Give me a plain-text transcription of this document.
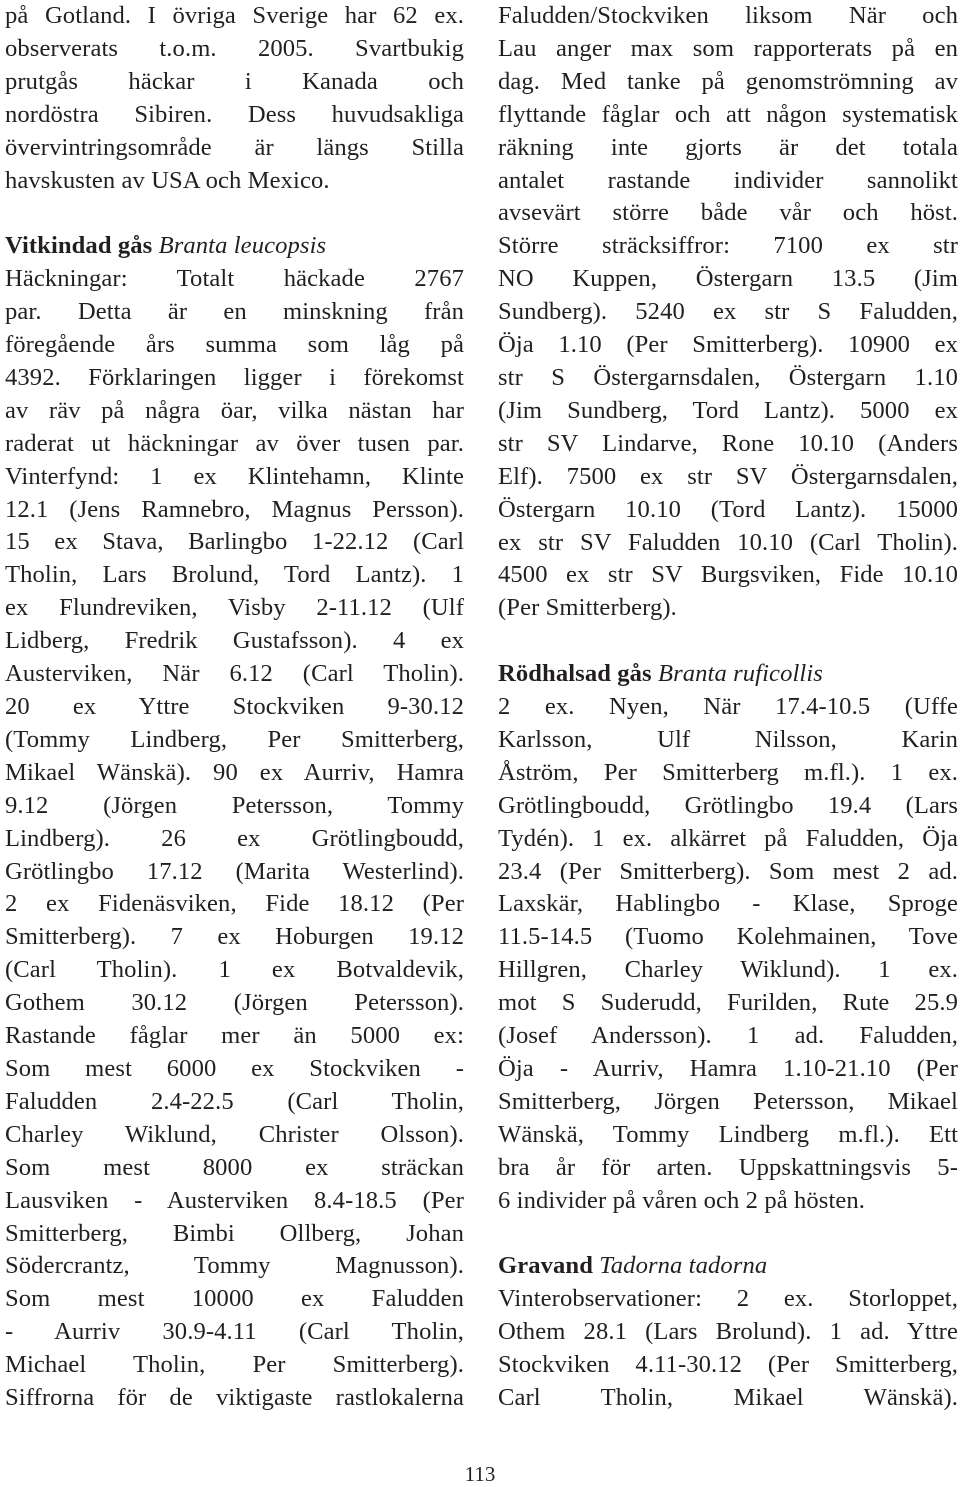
på Gotland. I övriga Sverige har 62 ex.
observerats t.o.m. 2005. Svartbukig
prutgås häckar i Kanada och
nordöstra Sibiren. Dess huvudsakliga
övervintringsområde är längs Stilla
havskusten av USA och Mexico.
Vitkindad gås Branta leucopsis
Häckningar: Totalt häckade 2767
par. Detta är en minskning från
föregående års summa som låg på
4392. Förklaringen ligger i förekomst
av räv på några öar, vilka nästan har
raderat ut häckningar av över tusen par.
Vinterfynd: 1 ex Klintehamn, Klinte
12.1 (Jens Ramnebro, Magnus Persson).
15 ex Stava, Barlingbo 1-22.12 (Carl
Tholin, Lars Brolund, Tord Lantz). 1
ex Flundreviken, Visby 2-11.12 (Ulf
Lidberg, Fredrik Gustafsson). 4 ex
Austerviken, När 6.12 (Carl Tholin).
20 ex Yttre Stockviken 9-30.12
(Tommy Lindberg, Per Smitterberg,
Mikael Wänskä). 90 ex Aurriv, Hamra
9.12 (Jörgen Petersson, Tommy
Lindberg). 26 ex Grötlingboudd,
Grötlingbo 17.12 (Marita Westerlind).
2 ex Fidenäsviken, Fide 18.12 (Per
Smitterberg). 7 ex Hoburgen 19.12
(Carl Tholin). 1 ex Botvaldevik,
Gothem 30.12 (Jörgen Petersson).
Rastande fåglar mer än 5000 ex:
Som mest 6000 ex Stockviken -
Faludden 2.4-22.5 (Carl Tholin,
Charley Wiklund, Christer Olsson).
Som mest 8000 ex sträckan
Lausviken - Austerviken 8.4-18.5 (Per
Smitterberg, Bimbi Ollberg, Johan
Södercrantz, Tommy Magnusson).
Som mest 10000 ex Faludden
- Aurriv 30.9-4.11 (Carl Tholin,
Michael Tholin, Per Smitterberg).
Siffrorna för de viktigaste rastlokalerna
Faludden/Stockviken liksom När och
Lau anger max som rapporterats på en
dag. Med tanke på genomströmning av
flyttande fåglar och att någon systematisk
räkning inte gjorts är det totala
antalet rastande individer sannolikt
avsevärt större både vår och höst.
Större sträcksiffror: 7100 ex str
NO Kuppen, Östergarn 13.5 (Jim
Sundberg). 5240 ex str S Faludden,
Öja 1.10 (Per Smitterberg). 10900 ex
str S Östergarnsdalen, Östergarn 1.10
(Jim Sundberg, Tord Lantz). 5000 ex
str SV Lindarve, Rone 10.10 (Anders
Elf). 7500 ex str SV Östergarnsdalen,
Östergarn 10.10 (Tord Lantz). 15000
ex str SV Faludden 10.10 (Carl Tholin).
4500 ex str SV Burgsviken, Fide 10.10
(Per Smitterberg).
Rödhalsad gås Branta ruficollis
2 ex. Nyen, När 17.4-10.5 (Uffe
Karlsson, Ulf Nilsson, Karin
Åström, Per Smitterberg m.fl.). 1 ex.
Grötlingboudd, Grötlingbo 19.4 (Lars
Tydén). 1 ex. alkärret på Faludden, Öja
23.4 (Per Smitterberg). Som mest 2 ad.
Laxskär, Hablingbo - Klase, Sproge
11.5-14.5 (Tuomo Kolehmainen, Tove
Hillgren, Charley Wiklund). 1 ex.
mot S Suderudd, Furilden, Rute 25.9
(Josef Andersson). 1 ad. Faludden,
Öja - Aurriv, Hamra 1.10-21.10 (Per
Smitterberg, Jörgen Petersson, Mikael
Wänskä, Tommy Lindberg m.fl.). Ett
bra år för arten. Uppskattningsvis 5-
6 individer på våren och 2 på hösten.
Gravand Tadorna tadorna
Vinterobservationer: 2 ex. Storloppet,
Othem 28.1 (Lars Brolund). 1 ad. Yttre
Stockviken 4.11-30.12 (Per Smitterberg,
Carl Tholin, Mikael Wänskä).
113
